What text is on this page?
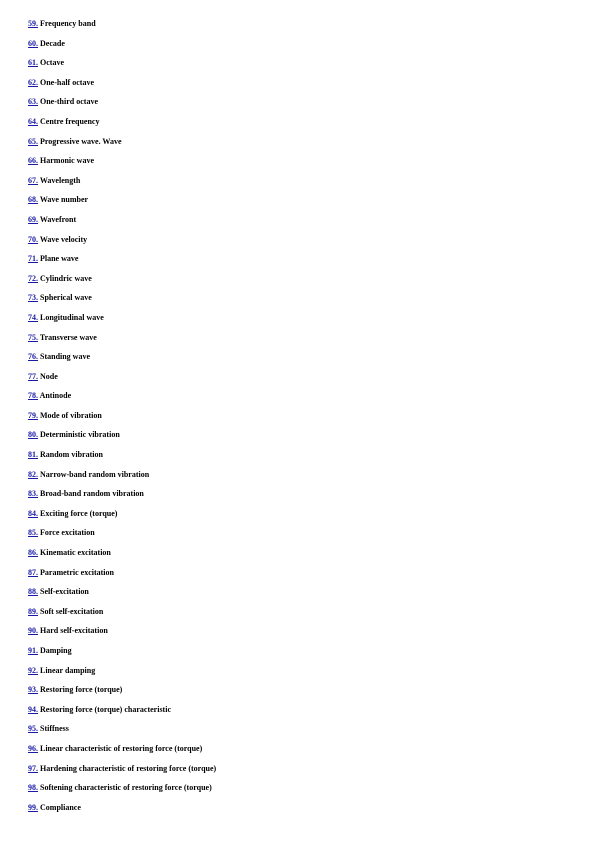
59. Frequency band
60. Decade
61. Octave
62. One-half octave
63. One-third octave
64. Centre frequency
65. Progressive wave. Wave
66. Harmonic wave
67. Wavelength
68. Wave number
69. Wavefront
70. Wave velocity
71. Plane wave
72. Cylindric wave
73. Spherical wave
74. Longitudinal wave
75. Transverse wave
76. Standing wave
77. Node
78. Antinode
79. Mode of vibration
80. Deterministic vibration
81. Random vibration
82. Narrow-band random vibration
83. Broad-band random vibration
84. Exciting force (torque)
85. Force excitation
86. Kinematic excitation
87. Parametric excitation
88. Self-excitation
89. Soft self-excitation
90. Hard self-excitation
91. Damping
92. Linear damping
93. Restoring force (torque)
94. Restoring force (torque) characteristic
95. Stiffness
96. Linear characteristic of restoring force (torque)
97. Hardening characteristic of restoring force (torque)
98. Softening characteristic of restoring force (torque)
99. Compliance
